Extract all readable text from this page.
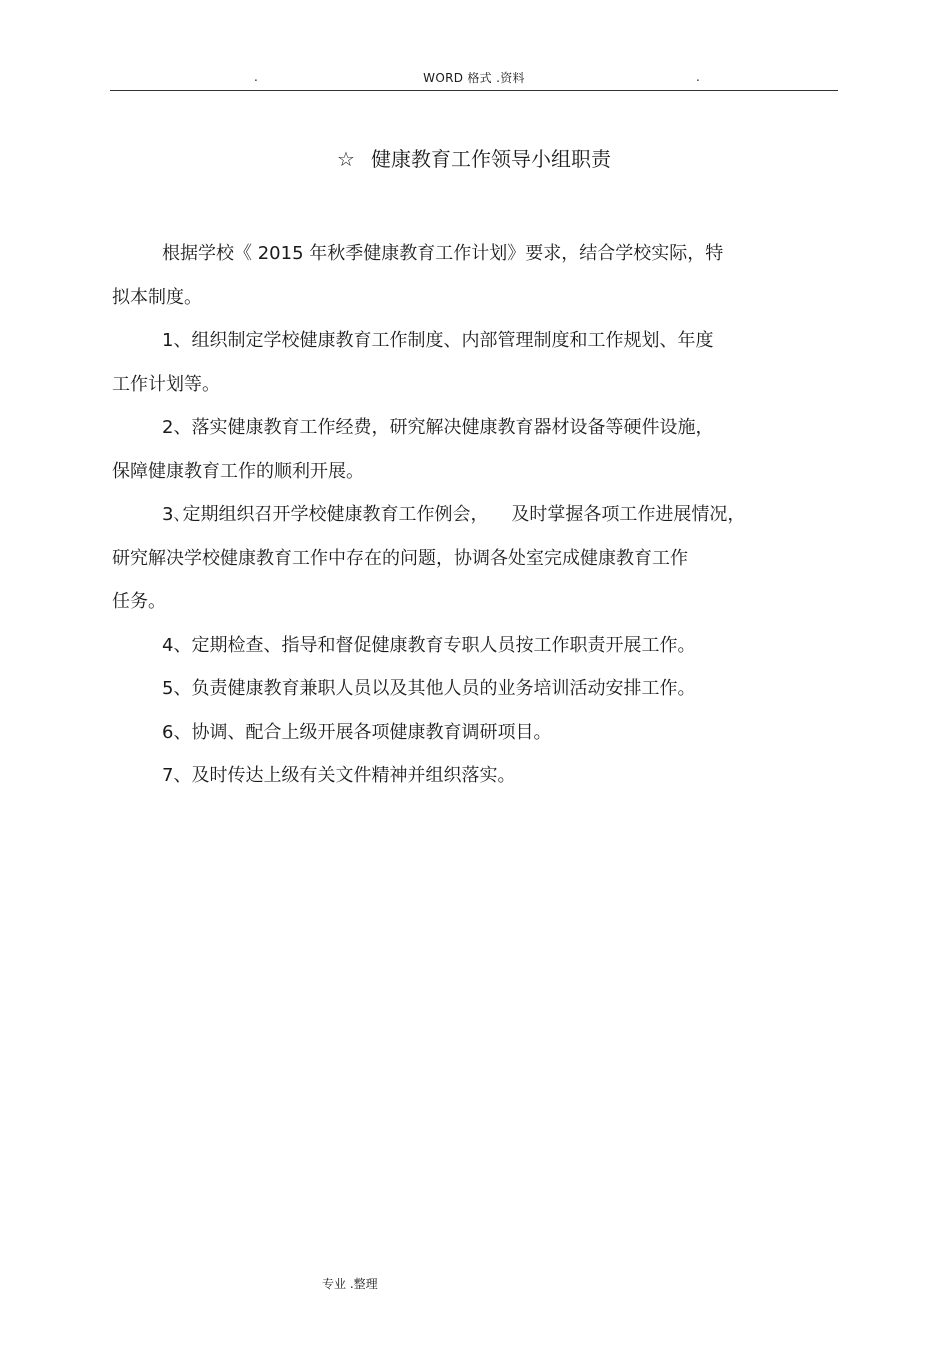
.	WORD 格式 .资料	.
☆ 健康教育工作领导小组职责

根据学校《 2015 年秋季健康教育工作计划》要求，结合学校实际，特
拟本制度。

1、组织制定学校健康教育工作制度、内部管理制度和工作规划、年度
工作计划等。

2、落实健康教育工作经费，研究解决健康教育器材设备等硬件设施，
保障健康教育工作的顺利开展。

3､定期组织召开学校健康教育工作例会，    及时掌握各项工作进展情况，
研究解决学校健康教育工作中存在的问题，协调各处室完成健康教育工作
任务。

4、定期检查、指导和督促健康教育专职人员按工作职责开展工作。

5、负责健康教育兼职人员以及其他人员的业务培训活动安排工作。

6、协调、配合上级开展各项健康教育调研项目。

7、及时传达上级有关文件精神并组织落实。

专业 .整理
